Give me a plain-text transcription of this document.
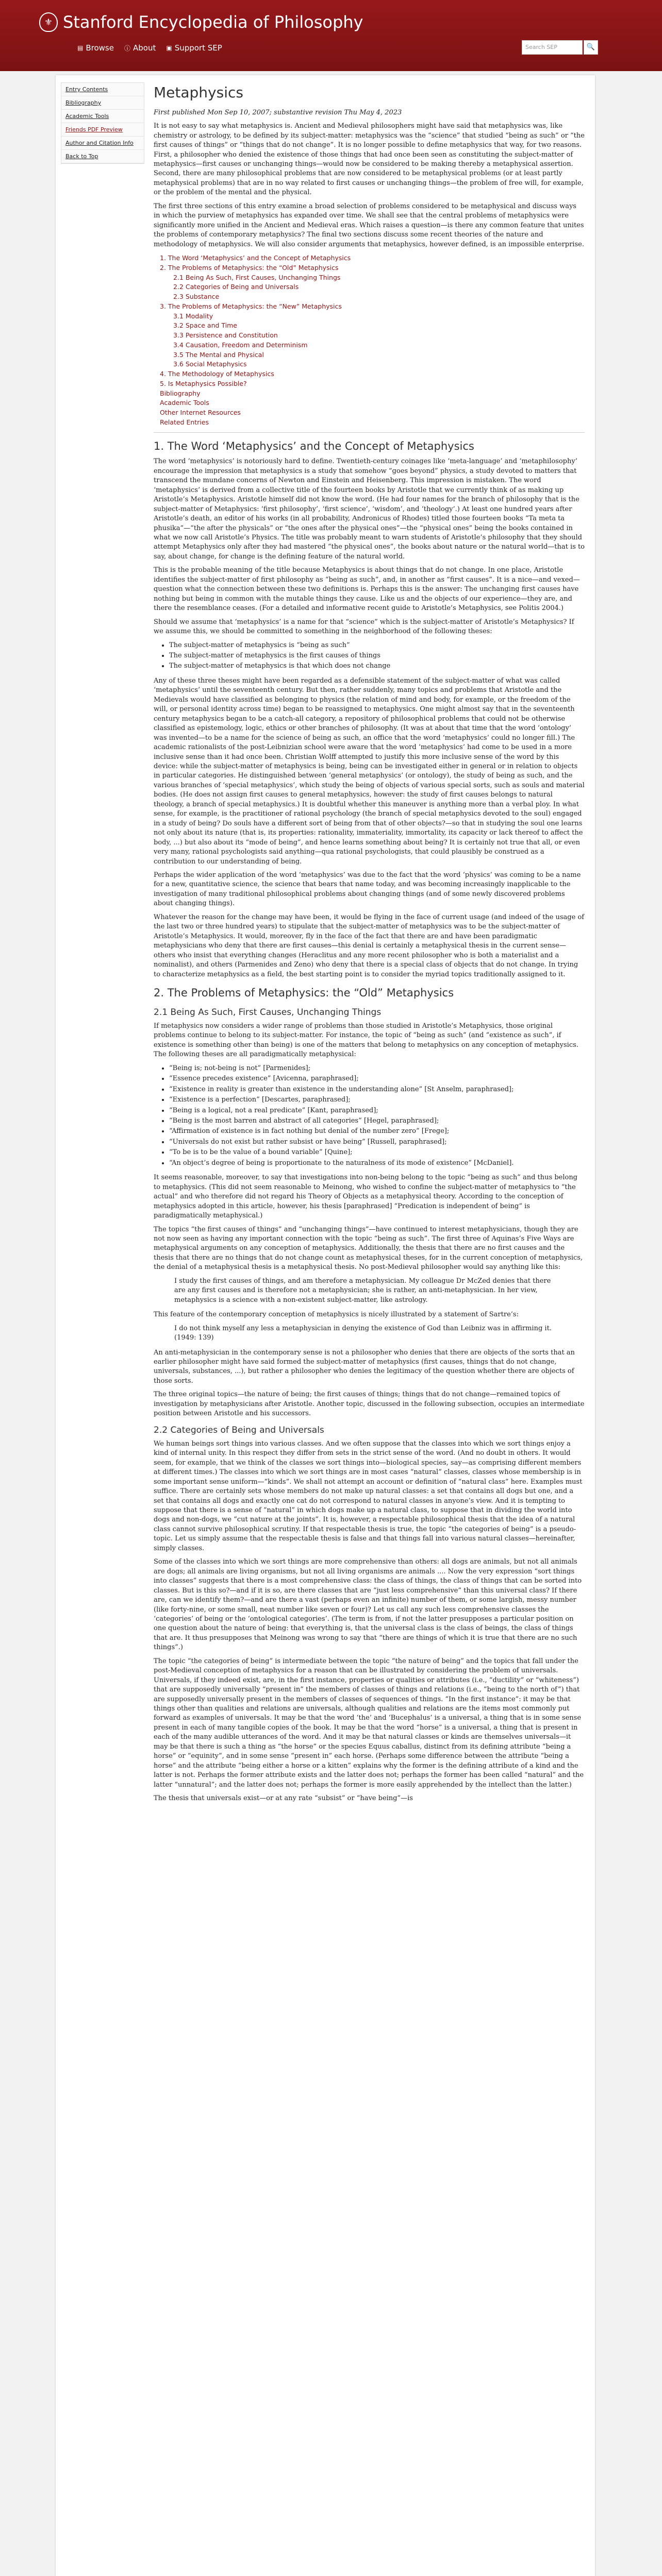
⚜ Stanford Encyclopedia of Philosophy
▤ Browse ⓘ About ▣ Support SEP	Search SEP	🔍
Entry Contents
Bibliography
Academic Tools
Friends PDF Preview
Author and Citation Info
Back to Top
Metaphysics

First published Mon Sep 10, 2007; substantive revision Thu May 4, 2023

It is not easy to say what metaphysics is. Ancient and Medieval philosophers might have said that metaphysics was, like chemistry or astrology, to be defined by its subject-matter: metaphysics was the “science” that studied “being as such” or “the first causes of things” or “things that do not change”. It is no longer possible to define metaphysics that way, for two reasons. First, a philosopher who denied the existence of those things that had once been seen as constituting the subject-matter of metaphysics—first causes or unchanging things—would now be considered to be making thereby a metaphysical assertion. Second, there are many philosophical problems that are now considered to be metaphysical problems (or at least partly metaphysical problems) that are in no way related to first causes or unchanging things—the problem of free will, for example, or the problem of the mental and the physical.

The first three sections of this entry examine a broad selection of problems considered to be metaphysical and discuss ways in which the purview of metaphysics has expanded over time. We shall see that the central problems of metaphysics were significantly more unified in the Ancient and Medieval eras. Which raises a question—is there any common feature that unites the problems of contemporary metaphysics? The final two sections discuss some recent theories of the nature and methodology of metaphysics. We will also consider arguments that metaphysics, however defined, is an impossible enterprise.

1. The Word ‘Metaphysics’ and the Concept of Metaphysics
2. The Problems of Metaphysics: the “Old” Metaphysics
2.1 Being As Such, First Causes, Unchanging Things
2.2 Categories of Being and Universals
2.3 Substance
3. The Problems of Metaphysics: the “New” Metaphysics
3.1 Modality
3.2 Space and Time
3.3 Persistence and Constitution
3.4 Causation, Freedom and Determinism
3.5 The Mental and Physical
3.6 Social Metaphysics
4. The Methodology of Metaphysics
5. Is Metaphysics Possible?
Bibliography
Academic Tools
Other Internet Resources
Related Entries
1. The Word ‘Metaphysics’ and the Concept of Metaphysics

The word ‘metaphysics’ is notoriously hard to define. Twentieth-century coinages like ‘meta-language’ and ‘metaphilosophy’ encourage the impression that metaphysics is a study that somehow “goes beyond” physics, a study devoted to matters that transcend the mundane concerns of Newton and Einstein and Heisenberg. This impression is mistaken. The word ‘metaphysics’ is derived from a collective title of the fourteen books by Aristotle that we currently think of as making up Aristotle’s Metaphysics. Aristotle himself did not know the word. (He had four names for the branch of philosophy that is the subject-matter of Metaphysics: ‘first philosophy’, ‘first science’, ‘wisdom’, and ‘theology’.) At least one hundred years after Aristotle’s death, an editor of his works (in all probability, Andronicus of Rhodes) titled those fourteen books “Ta meta ta phusika”—“the after the physicals” or “the ones after the physical ones”—the “physical ones” being the books contained in what we now call Aristotle’s Physics. The title was probably meant to warn students of Aristotle’s philosophy that they should attempt Metaphysics only after they had mastered “the physical ones”, the books about nature or the natural world—that is to say, about change, for change is the defining feature of the natural world.

This is the probable meaning of the title because Metaphysics is about things that do not change. In one place, Aristotle identifies the subject-matter of first philosophy as “being as such”, and, in another as “first causes”. It is a nice—and vexed—question what the connection between these two definitions is. Perhaps this is the answer: The unchanging first causes have nothing but being in common with the mutable things they cause. Like us and the objects of our experience—they are, and there the resemblance ceases. (For a detailed and informative recent guide to Aristotle’s Metaphysics, see Politis 2004.)

Should we assume that ‘metaphysics’ is a name for that “science” which is the subject-matter of Aristotle’s Metaphysics? If we assume this, we should be committed to something in the neighborhood of the following theses:

• The subject-matter of metaphysics is “being as such”
• The subject-matter of metaphysics is the first causes of things
• The subject-matter of metaphysics is that which does not change

Any of these three theses might have been regarded as a defensible statement of the subject-matter of what was called ‘metaphysics’ until the seventeenth century. But then, rather suddenly, many topics and problems that Aristotle and the Medievals would have classified as belonging to physics (the relation of mind and body, for example, or the freedom of the will, or personal identity across time) began to be reassigned to metaphysics. One might almost say that in the seventeenth century metaphysics began to be a catch-all category, a repository of philosophical problems that could not be otherwise classified as epistemology, logic, ethics or other branches of philosophy. (It was at about that time that the word ‘ontology’ was invented—to be a name for the science of being as such, an office that the word ‘metaphysics’ could no longer fill.) The academic rationalists of the post-Leibnizian school were aware that the word ‘metaphysics’ had come to be used in a more inclusive sense than it had once been. Christian Wolff attempted to justify this more inclusive sense of the word by this device: while the subject-matter of metaphysics is being, being can be investigated either in general or in relation to objects in particular categories. He distinguished between ‘general metaphysics’ (or ontology), the study of being as such, and the various branches of ‘special metaphysics’, which study the being of objects of various special sorts, such as souls and material bodies. (He does not assign first causes to general metaphysics, however: the study of first causes belongs to natural theology, a branch of special metaphysics.) It is doubtful whether this maneuver is anything more than a verbal ploy. In what sense, for example, is the practitioner of rational psychology (the branch of special metaphysics devoted to the soul) engaged in a study of being? Do souls have a different sort of being from that of other objects?—so that in studying the soul one learns not only about its nature (that is, its properties: rationality, immateriality, immortality, its capacity or lack thereof to affect the body, ...) but also about its “mode of being”, and hence learns something about being? It is certainly not true that all, or even very many, rational psychologists said anything—qua rational psychologists, that could plausibly be construed as a contribution to our understanding of being.

Perhaps the wider application of the word ‘metaphysics’ was due to the fact that the word ‘physics’ was coming to be a name for a new, quantitative science, the science that bears that name today, and was becoming increasingly inapplicable to the investigation of many traditional philosophical problems about changing things (and of some newly discovered problems about changing things).

Whatever the reason for the change may have been, it would be flying in the face of current usage (and indeed of the usage of the last two or three hundred years) to stipulate that the subject-matter of metaphysics was to be the subject-matter of Aristotle’s Metaphysics. It would, moreover, fly in the face of the fact that there are and have been paradigmatic metaphysicians who deny that there are first causes—this denial is certainly a metaphysical thesis in the current sense—others who insist that everything changes (Heraclitus and any more recent philosopher who is both a materialist and a nominalist), and others (Parmenides and Zeno) who deny that there is a special class of objects that do not change. In trying to characterize metaphysics as a field, the best starting point is to consider the myriad topics traditionally assigned to it.

2. The Problems of Metaphysics: the “Old” Metaphysics
2.1 Being As Such, First Causes, Unchanging Things

If metaphysics now considers a wider range of problems than those studied in Aristotle’s Metaphysics, those original problems continue to belong to its subject-matter. For instance, the topic of “being as such” (and “existence as such”, if existence is something other than being) is one of the matters that belong to metaphysics on any conception of metaphysics. The following theses are all paradigmatically metaphysical:

• “Being is; not-being is not” [Parmenides];
• “Essence precedes existence” [Avicenna, paraphrased];
• “Existence in reality is greater than existence in the understanding alone” [St Anselm, paraphrased];
• “Existence is a perfection” [Descartes, paraphrased];
• “Being is a logical, not a real predicate” [Kant, paraphrased];
• “Being is the most barren and abstract of all categories” [Hegel, paraphrased];
• “Affirmation of existence is in fact nothing but denial of the number zero” [Frege];
• “Universals do not exist but rather subsist or have being” [Russell, paraphrased];
• “To be is to be the value of a bound variable” [Quine];
• “An object’s degree of being is proportionate to the naturalness of its mode of existence” [McDaniel].

It seems reasonable, moreover, to say that investigations into non-being belong to the topic “being as such” and thus belong to metaphysics. (This did not seem reasonable to Meinong, who wished to confine the subject-matter of metaphysics to “the actual” and who therefore did not regard his Theory of Objects as a metaphysical theory. According to the conception of metaphysics adopted in this article, however, his thesis [paraphrased] “Predication is independent of being” is paradigmatically metaphysical.)

The topics “the first causes of things” and “unchanging things”—have continued to interest metaphysicians, though they are not now seen as having any important connection with the topic “being as such”. The first three of Aquinas’s Five Ways are metaphysical arguments on any conception of metaphysics. Additionally, the thesis that there are no first causes and the thesis that there are no things that do not change count as metaphysical theses, for in the current conception of metaphysics, the denial of a metaphysical thesis is a metaphysical thesis. No post-Medieval philosopher would say anything like this:

I study the first causes of things, and am therefore a metaphysician. My colleague Dr McZed denies that there are any first causes and is therefore not a metaphysician; she is rather, an anti-metaphysician. In her view, metaphysics is a science with a non-existent subject-matter, like astrology.

This feature of the contemporary conception of metaphysics is nicely illustrated by a statement of Sartre’s:

I do not think myself any less a metaphysician in denying the existence of God than Leibniz was in affirming it. (1949: 139)

An anti-metaphysician in the contemporary sense is not a philosopher who denies that there are objects of the sorts that an earlier philosopher might have said formed the subject-matter of metaphysics (first causes, things that do not change, universals, substances, ...), but rather a philosopher who denies the legitimacy of the question whether there are objects of those sorts.

The three original topics—the nature of being; the first causes of things; things that do not change—remained topics of investigation by metaphysicians after Aristotle. Another topic, discussed in the following subsection, occupies an intermediate position between Aristotle and his successors.

2.2 Categories of Being and Universals

We human beings sort things into various classes. And we often suppose that the classes into which we sort things enjoy a kind of internal unity. In this respect they differ from sets in the strict sense of the word. (And no doubt in others. It would seem, for example, that we think of the classes we sort things into—biological species, say—as comprising different members at different times.) The classes into which we sort things are in most cases “natural” classes, classes whose membership is in some important sense uniform—“kinds”. We shall not attempt an account or definition of “natural class” here. Examples must suffice. There are certainly sets whose members do not make up natural classes: a set that contains all dogs but one, and a set that contains all dogs and exactly one cat do not correspond to natural classes in anyone’s view. And it is tempting to suppose that there is a sense of “natural” in which dogs make up a natural class, to suppose that in dividing the world into dogs and non-dogs, we “cut nature at the joints”. It is, however, a respectable philosophical thesis that the idea of a natural class cannot survive philosophical scrutiny. If that respectable thesis is true, the topic “the categories of being” is a pseudo-topic. Let us simply assume that the respectable thesis is false and that things fall into various natural classes—hereinafter, simply classes.

Some of the classes into which we sort things are more comprehensive than others: all dogs are animals, but not all animals are dogs; all animals are living organisms, but not all living organisms are animals .... Now the very expression “sort things into classes” suggests that there is a most comprehensive class: the class of things, the class of things that can be sorted into classes. But is this so?—and if it is so, are there classes that are “just less comprehensive” than this universal class? If there are, can we identify them?—and are there a vast (perhaps even an infinite) number of them, or some largish, messy number (like forty-nine, or some small, neat number like seven or four)? Let us call any such less comprehensive classes the ‘categories’ of being or the ‘ontological categories’. (The term is from, if not the latter presupposes a particular position on one question about the nature of being: that everything is, that the universal class is the class of beings, the class of things that are. It thus presupposes that Meinong was wrong to say that “there are things of which it is true that there are no such things”.)

The topic “the categories of being” is intermediate between the topic “the nature of being” and the topics that fall under the post-Medieval conception of metaphysics for a reason that can be illustrated by considering the problem of universals. Universals, if they indeed exist, are, in the first instance, properties or qualities or attributes (i.e., “ductility” or “whiteness”) that are supposedly universally “present in” the members of classes of things and relations (i.e., “being to the north of”) that are supposedly universally present in the members of classes of sequences of things. “In the first instance”: it may be that things other than qualities and relations are universals, although qualities and relations are the items most commonly put forward as examples of universals. It may be that the word ‘the’ and ‘Bucephalus’ is a universal, a thing that is in some sense present in each of many tangible copies of the book. It may be that the word “horse” is a universal, a thing that is present in each of the many audible utterances of the word. And it may be that natural classes or kinds are themselves universals—it may be that there is such a thing as “the horse” or the species Equus caballus, distinct from its defining attribute “being a horse” or “equinity”, and in some sense “present in” each horse. (Perhaps some difference between the attribute “being a horse” and the attribute “being either a horse or a kitten” explains why the former is the defining attribute of a kind and the latter is not. Perhaps the former attribute exists and the latter does not; perhaps the former has been called “natural” and the latter “unnatural”; and the latter does not; perhaps the former is more easily apprehended by the intellect than the latter.)

The thesis that universals exist—or at any rate “subsist” or “have being”—is
